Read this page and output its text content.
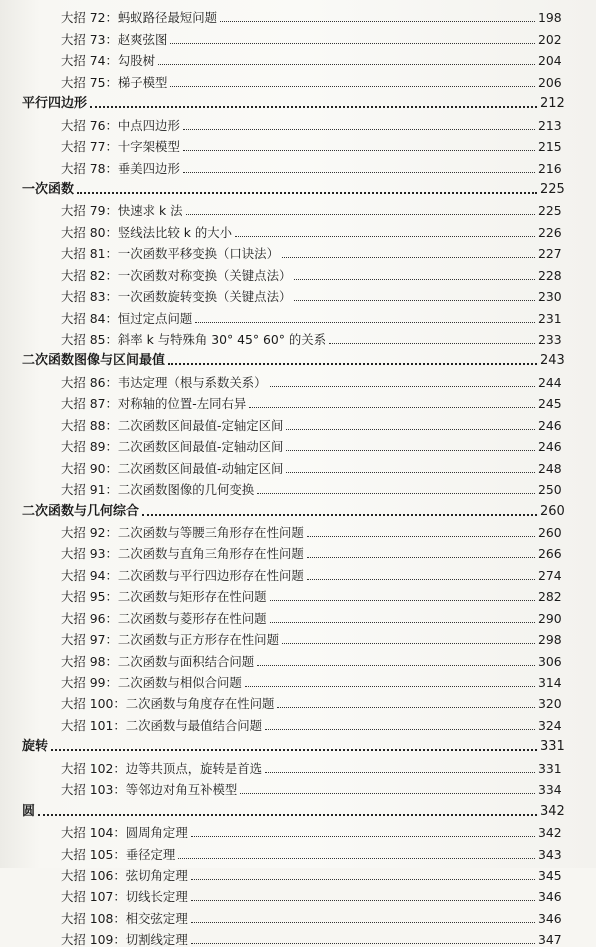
大招 72：蚂蚁路径最短问题	198
大招 73：赵爽弦图	202
大招 74：勾股树	204
大招 75：梯子模型	206
平行四边形	212
大招 76：中点四边形	213
大招 77：十字架模型	215
大招 78：垂美四边形	216
一次函数	225
大招 79：快速求 k 法	225
大招 80：竖线法比较 k 的大小	226
大招 81：一次函数平移变换（口诀法）	227
大招 82：一次函数对称变换（关键点法）	228
大招 83：一次函数旋转变换（关键点法）	230
大招 84：恒过定点问题	231
大招 85：斜率 k 与特殊角 30° 45° 60° 的关系	233
二次函数图像与区间最值	243
大招 86：韦达定理（根与系数关系）	244
大招 87：对称轴的位置-左同右异	245
大招 88：二次函数区间最值-定轴定区间	246
大招 89：二次函数区间最值-定轴动区间	246
大招 90：二次函数区间最值-动轴定区间	248
大招 91：二次函数图像的几何变换	250
二次函数与几何综合	260
大招 92：二次函数与等腰三角形存在性问题	260
大招 93：二次函数与直角三角形存在性问题	266
大招 94：二次函数与平行四边形存在性问题	274
大招 95：二次函数与矩形存在性问题	282
大招 96：二次函数与菱形存在性问题	290
大招 97：二次函数与正方形存在性问题	298
大招 98：二次函数与面积结合问题	306
大招 99：二次函数与相似合问题	314
大招 100：二次函数与角度存在性问题	320
大招 101：二次函数与最值结合问题	324
旋转	331
大招 102：边等共顶点，旋转是首选	331
大招 103：等邻边对角互补模型	334
圆	342
大招 104：圆周角定理	342
大招 105：垂径定理	343
大招 106：弦切角定理	345
大招 107：切线长定理	346
大招 108：相交弦定理	346
大招 109：切割线定理	347
